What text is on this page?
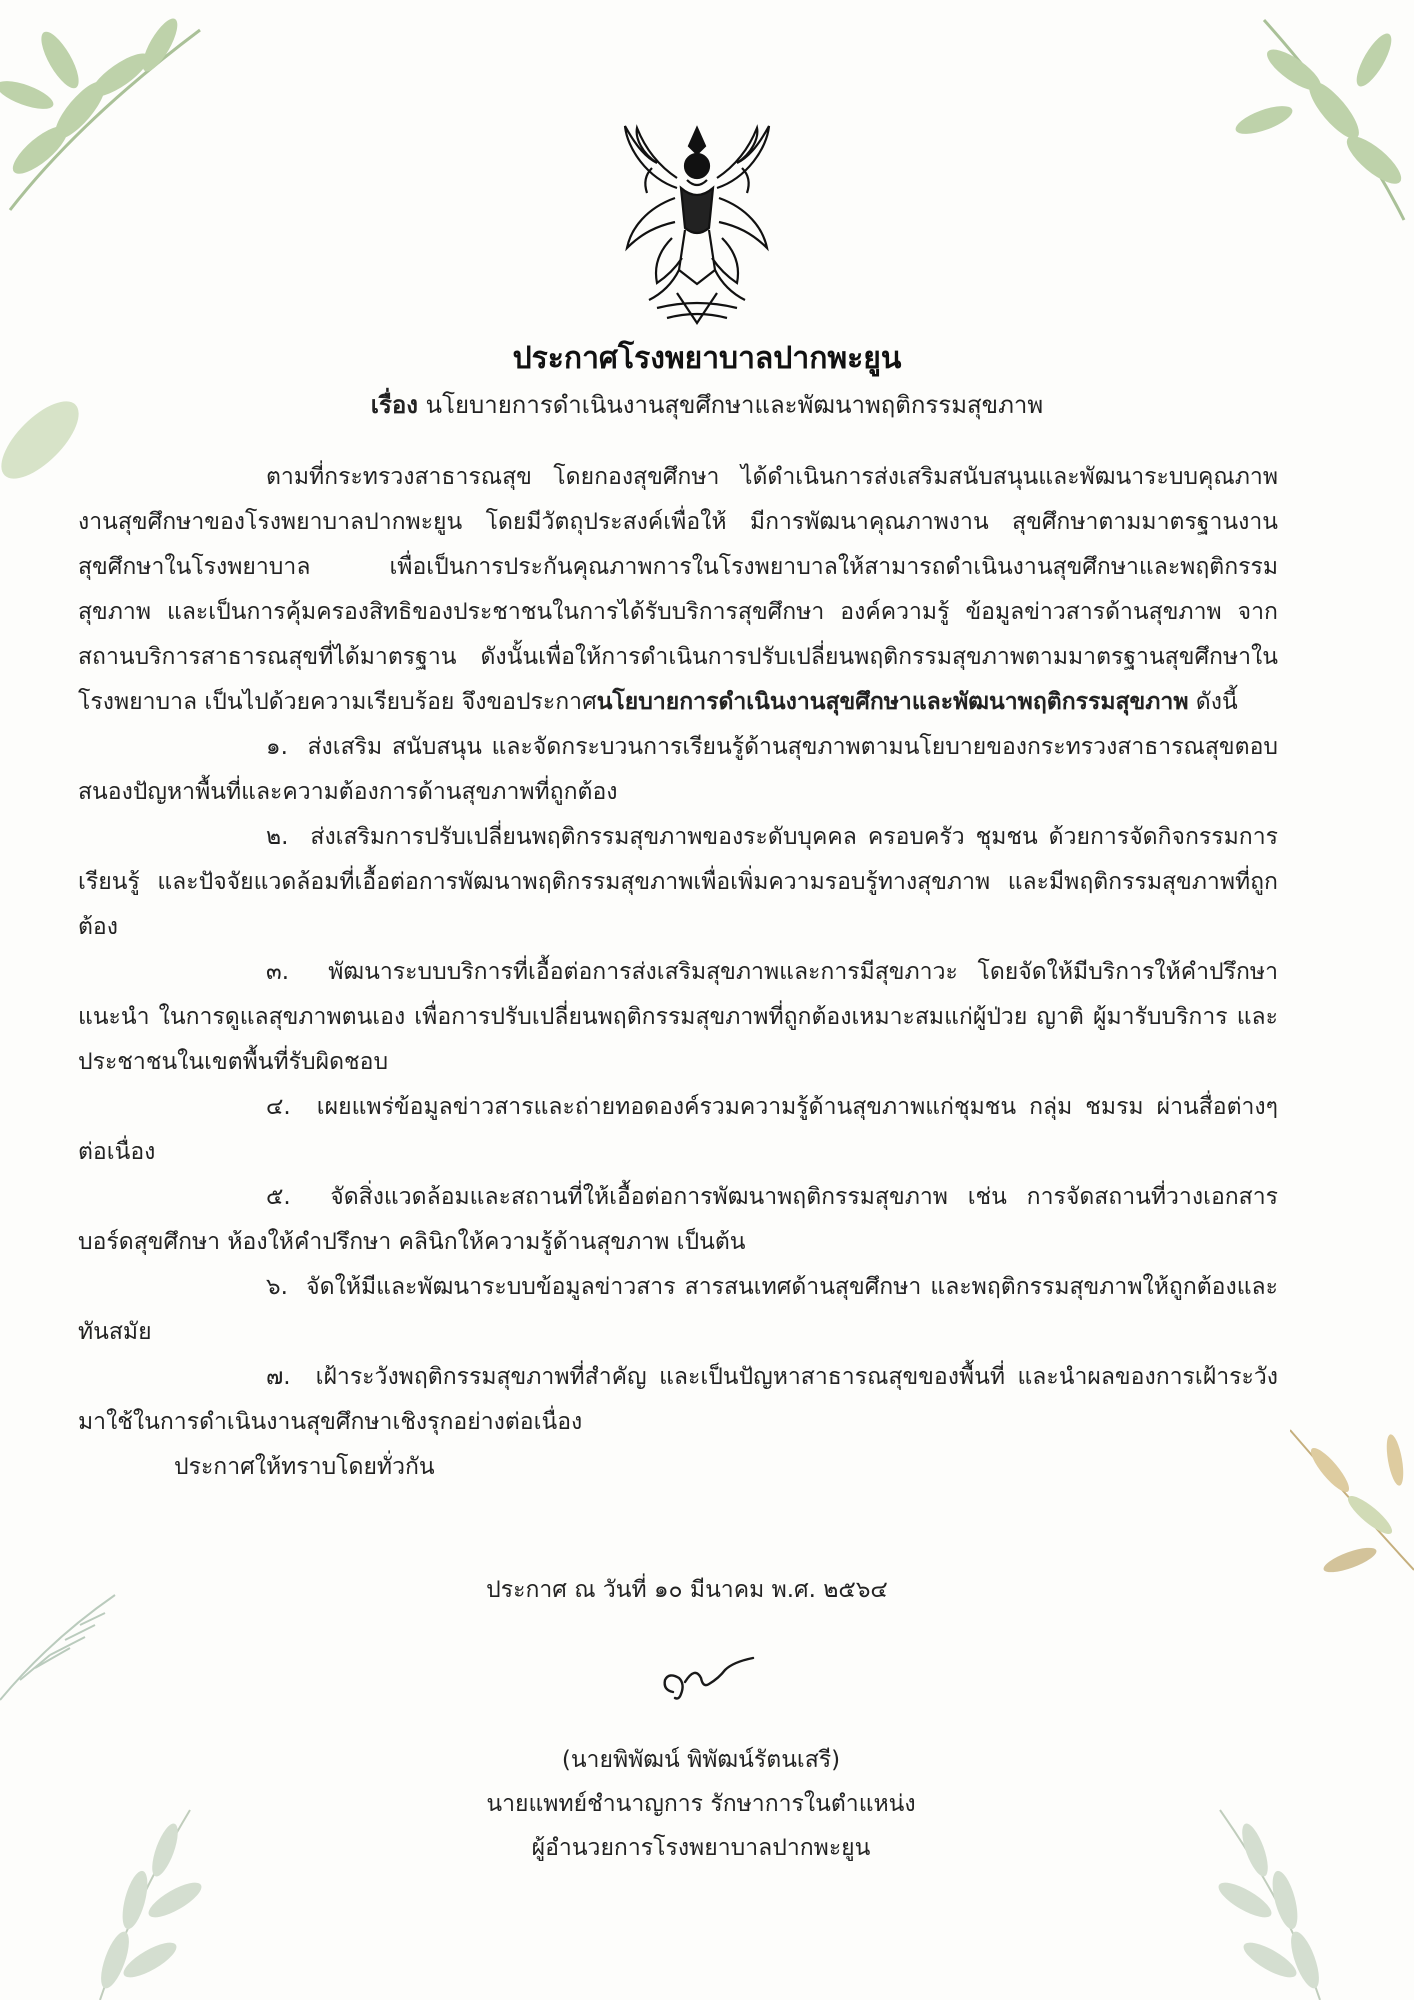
ประกาศโรงพยาบาลปากพะยูน
เรื่อง นโยบายการดำเนินงานสุขศึกษาและพัฒนาพฤติกรรมสุขภาพ

ตามที่กระทรวงสาธารณสุข โดยกองสุขศึกษา ได้ดำเนินการส่งเสริมสนับสนุนและพัฒนาระบบคุณภาพงานสุขศึกษาของโรงพยาบาลปากพะยูน โดยมีวัตถุประสงค์เพื่อให้ มีการพัฒนาคุณภาพงาน สุขศึกษาตามมาตรฐานงานสุขศึกษาในโรงพยาบาล เพื่อเป็นการประกันคุณภาพการในโรงพยาบาลให้สามารถดำเนินงานสุขศึกษาและพฤติกรรมสุขภาพ และเป็นการคุ้มครองสิทธิของประชาชนในการได้รับบริการสุขศึกษา องค์ความรู้ ข้อมูลข่าวสารด้านสุขภาพ จากสถานบริการสาธารณสุขที่ได้มาตรฐาน ดังนั้นเพื่อให้การดำเนินการปรับเปลี่ยนพฤติกรรมสุขภาพตามมาตรฐานสุขศึกษาในโรงพยาบาล เป็นไปด้วยความเรียบร้อย จึงขอประกาศนโยบายการดำเนินงานสุขศึกษาและพัฒนาพฤติกรรมสุขภาพ ดังนี้

๑. ส่งเสริม สนับสนุน และจัดกระบวนการเรียนรู้ด้านสุขภาพตามนโยบายของกระทรวงสาธารณสุขตอบสนองปัญหาพื้นที่และความต้องการด้านสุขภาพที่ถูกต้อง

๒. ส่งเสริมการปรับเปลี่ยนพฤติกรรมสุขภาพของระดับบุคคล ครอบครัว ชุมชน ด้วยการจัดกิจกรรมการเรียนรู้ และปัจจัยแวดล้อมที่เอื้อต่อการพัฒนาพฤติกรรมสุขภาพเพื่อเพิ่มความรอบรู้ทางสุขภาพ และมีพฤติกรรมสุขภาพที่ถูกต้อง

๓. พัฒนาระบบบริการที่เอื้อต่อการส่งเสริมสุขภาพและการมีสุขภาวะ โดยจัดให้มีบริการให้คำปรึกษาแนะนำ ในการดูแลสุขภาพตนเอง เพื่อการปรับเปลี่ยนพฤติกรรมสุขภาพที่ถูกต้องเหมาะสมแก่ผู้ป่วย ญาติ ผู้มารับบริการ และประชาชนในเขตพื้นที่รับผิดชอบ

๔. เผยแพร่ข้อมูลข่าวสารและถ่ายทอดองค์รวมความรู้ด้านสุขภาพแก่ชุมชน กลุ่ม ชมรม ผ่านสื่อต่างๆ ต่อเนื่อง

๕. จัดสิ่งแวดล้อมและสถานที่ให้เอื้อต่อการพัฒนาพฤติกรรมสุขภาพ เช่น การจัดสถานที่วางเอกสารบอร์ดสุขศึกษา ห้องให้คำปรึกษา คลินิกให้ความรู้ด้านสุขภาพ เป็นต้น

๖. จัดให้มีและพัฒนาระบบข้อมูลข่าวสาร สารสนเทศด้านสุขศึกษา และพฤติกรรมสุขภาพให้ถูกต้องและทันสมัย

๗. เฝ้าระวังพฤติกรรมสุขภาพที่สำคัญ และเป็นปัญหาสาธารณสุขของพื้นที่ และนำผลของการเฝ้าระวังมาใช้ในการดำเนินงานสุขศึกษาเชิงรุกอย่างต่อเนื่อง

ประกาศให้ทราบโดยทั่วกัน

ประกาศ ณ วันที่ ๑๐ มีนาคม พ.ศ. ๒๕๖๔
(นายพิพัฒน์ พิพัฒน์รัตนเสรี)
นายแพทย์ชำนาญการ รักษาการในตำแหน่ง
ผู้อำนวยการโรงพยาบาลปากพะยูน
